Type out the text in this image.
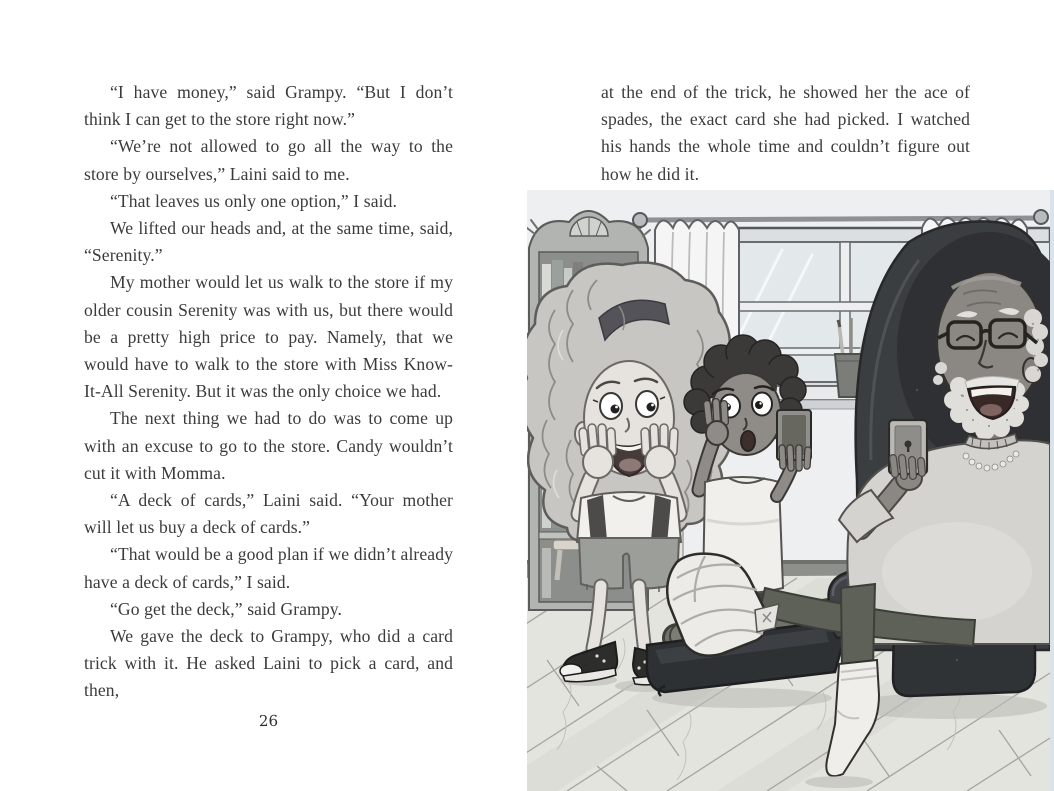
“I have money,” said Grampy. “But I don’t think I can get to the store right now.”

“We’re not allowed to go all the way to the store by ourselves,” Laini said to me.

“That leaves us only one option,” I said.

We lifted our heads and, at the same time, said, “Serenity.”

My mother would let us walk to the store if my older cousin Serenity was with us, but there would be a pretty high price to pay. Namely, that we would have to walk to the store with Miss Know-It-All Serenity. But it was the only choice we had.

The next thing we had to do was to come up with an excuse to go to the store. Candy wouldn’t cut it with Momma.

“A deck of cards,” Laini said. “Your mother will let us buy a deck of cards.”

“That would be a good plan if we didn’t already have a deck of cards,” I said.

“Go get the deck,” said Grampy.

We gave the deck to Grampy, who did a card trick with it. He asked Laini to pick a card, and then,

26

at the end of the trick, he showed her the ace of spades, the exact card she had picked. I watched his hands the whole time and couldn’t figure out how he did it.
